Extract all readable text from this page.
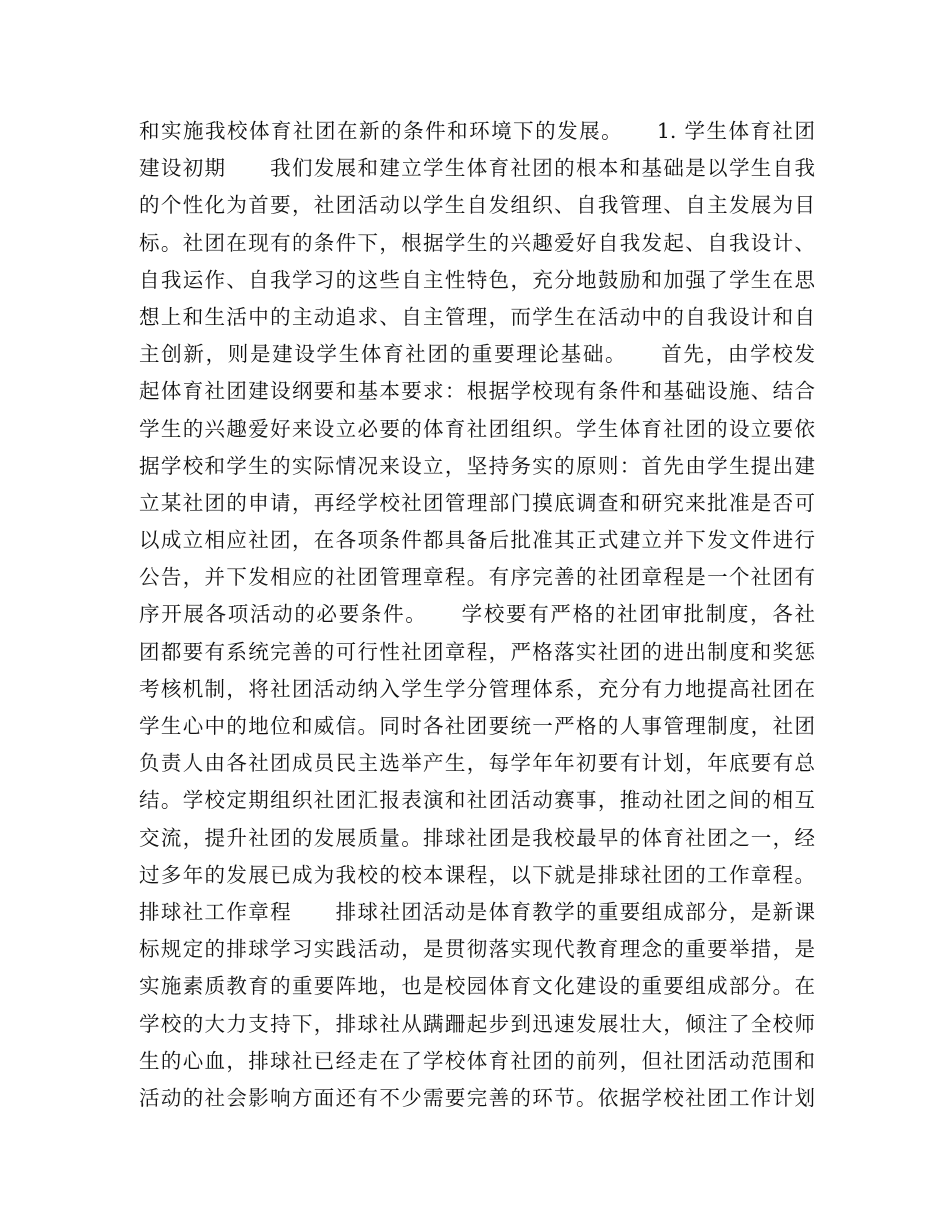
和实施我校体育社团在新的条件和环境下的发展。　　1. 学生体育社团
建设初期　　我们发展和建立学生体育社团的根本和基础是以学生自我
的个性化为首要，社团活动以学生自发组织、自我管理、自主发展为目
标。社团在现有的条件下，根据学生的兴趣爱好自我发起、自我设计、
自我运作、自我学习的这些自主性特色，充分地鼓励和加强了学生在思
想上和生活中的主动追求、自主管理，而学生在活动中的自我设计和自
主创新，则是建设学生体育社团的重要理论基础。　　首先，由学校发
起体育社团建设纲要和基本要求：根据学校现有条件和基础设施、结合
学生的兴趣爱好来设立必要的体育社团组织。学生体育社团的设立要依
据学校和学生的实际情况来设立，坚持务实的原则：首先由学生提出建
立某社团的申请，再经学校社团管理部门摸底调查和研究来批准是否可
以成立相应社团，在各项条件都具备后批准其正式建立并下发文件进行
公告，并下发相应的社团管理章程。有序完善的社团章程是一个社团有
序开展各项活动的必要条件。　　学校要有严格的社团审批制度，各社
团都要有系统完善的可行性社团章程，严格落实社团的进出制度和奖惩
考核机制，将社团活动纳入学生学分管理体系，充分有力地提高社团在
学生心中的地位和威信。同时各社团要统一严格的人事管理制度，社团
负责人由各社团成员民主选举产生，每学年年初要有计划，年底要有总
结。学校定期组织社团汇报表演和社团活动赛事，推动社团之间的相互
交流，提升社团的发展质量。排球社团是我校最早的体育社团之一，经
过多年的发展已成为我校的校本课程，以下就是排球社团的工作章程。
排球社工作章程　　排球社团活动是体育教学的重要组成部分，是新课
标规定的排球学习实践活动，是贯彻落实现代教育理念的重要举措，是
实施素质教育的重要阵地，也是校园体育文化建设的重要组成部分。在
学校的大力支持下，排球社从蹒跚起步到迅速发展壮大，倾注了全校师
生的心血，排球社已经走在了学校体育社团的前列，但社团活动范围和
活动的社会影响方面还有不少需要完善的环节。依据学校社团工作计划
